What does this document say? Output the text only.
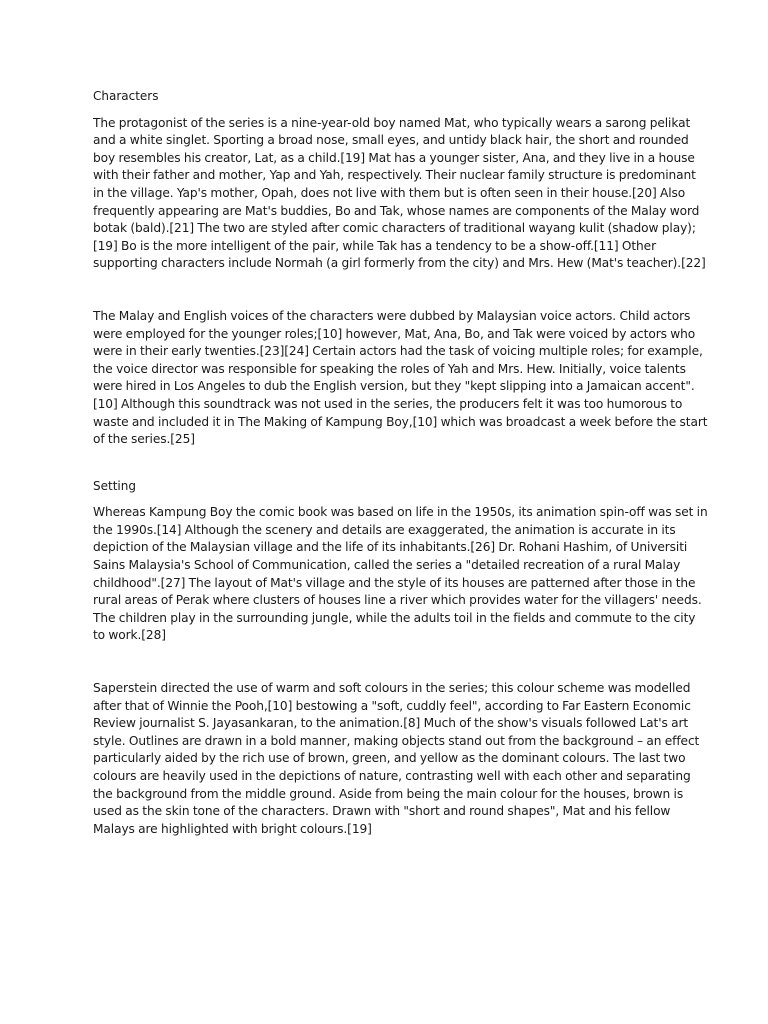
Characters

The protagonist of the series is a nine-year-old boy named Mat, who typically wears a sarong pelikat and a white singlet. Sporting a broad nose, small eyes, and untidy black hair, the short and rounded boy resembles his creator, Lat, as a child.[19] Mat has a younger sister, Ana, and they live in a house with their father and mother, Yap and Yah, respectively. Their nuclear family structure is predominant in the village. Yap's mother, Opah, does not live with them but is often seen in their house.[20] Also frequently appearing are Mat's buddies, Bo and Tak, whose names are components of the Malay word botak (bald).[21] The two are styled after comic characters of traditional wayang kulit (shadow play);[19] Bo is the more intelligent of the pair, while Tak has a tendency to be a show-off.[11] Other supporting characters include Normah (a girl formerly from the city) and Mrs. Hew (Mat's teacher).[22]

The Malay and English voices of the characters were dubbed by Malaysian voice actors. Child actors were employed for the younger roles;[10] however, Mat, Ana, Bo, and Tak were voiced by actors who were in their early twenties.[23][24] Certain actors had the task of voicing multiple roles; for example, the voice director was responsible for speaking the roles of Yah and Mrs. Hew. Initially, voice talents were hired in Los Angeles to dub the English version, but they "kept slipping into a Jamaican accent".[10] Although this soundtrack was not used in the series, the producers felt it was too humorous to waste and included it in The Making of Kampung Boy,[10] which was broadcast a week before the start of the series.[25]

Setting

Whereas Kampung Boy the comic book was based on life in the 1950s, its animation spin-off was set in the 1990s.[14] Although the scenery and details are exaggerated, the animation is accurate in its depiction of the Malaysian village and the life of its inhabitants.[26] Dr. Rohani Hashim, of Universiti Sains Malaysia's School of Communication, called the series a "detailed recreation of a rural Malay childhood".[27] The layout of Mat's village and the style of its houses are patterned after those in the rural areas of Perak where clusters of houses line a river which provides water for the villagers' needs. The children play in the surrounding jungle, while the adults toil in the fields and commute to the city to work.[28]

Saperstein directed the use of warm and soft colours in the series; this colour scheme was modelled after that of Winnie the Pooh,[10] bestowing a "soft, cuddly feel", according to Far Eastern Economic Review journalist S. Jayasankaran, to the animation.[8] Much of the show's visuals followed Lat's art style. Outlines are drawn in a bold manner, making objects stand out from the background – an effect particularly aided by the rich use of brown, green, and yellow as the dominant colours. The last two colours are heavily used in the depictions of nature, contrasting well with each other and separating the background from the middle ground. Aside from being the main colour for the houses, brown is used as the skin tone of the characters. Drawn with "short and round shapes", Mat and his fellow Malays are highlighted with bright colours.[19]
